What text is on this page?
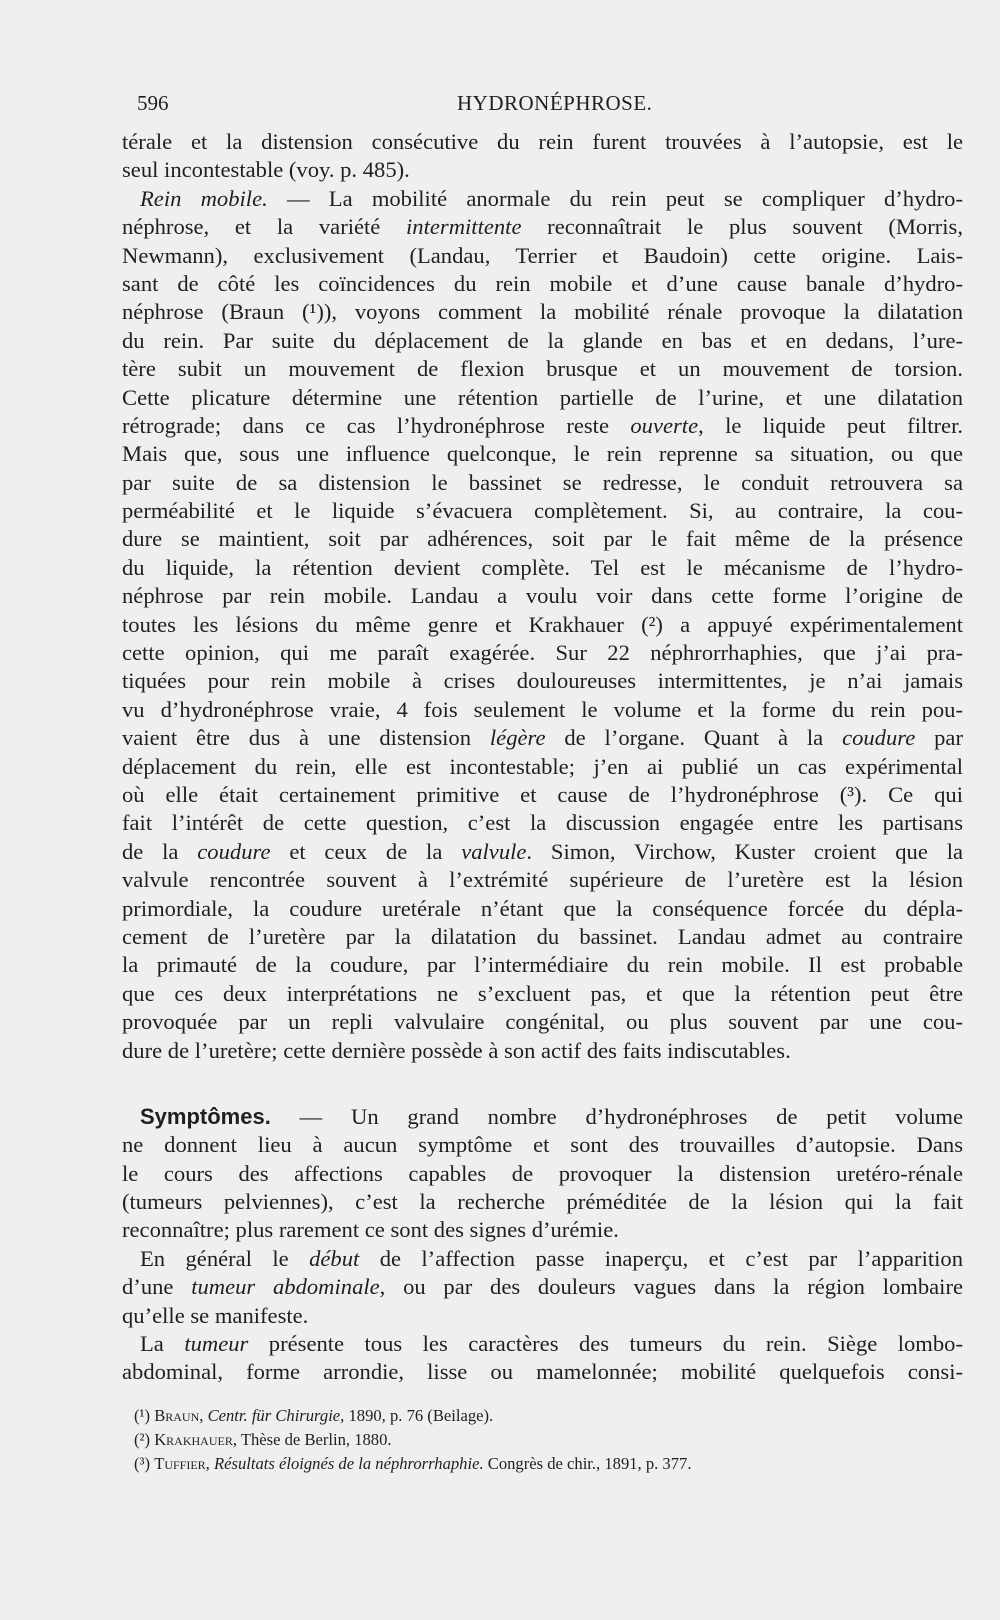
596	HYDRONÉPHROSE.
térale et la distension consécutive du rein furent trouvées à l’autopsie, est le
seul incontestable (voy. p. 485).
Rein mobile. — La mobilité anormale du rein peut se compliquer d’hydro-
néphrose, et la variété intermittente reconnaîtrait le plus souvent (Morris,
Newmann), exclusivement (Landau, Terrier et Baudoin) cette origine. Lais-
sant de côté les coïncidences du rein mobile et d’une cause banale d’hydro-
néphrose (Braun (¹)), voyons comment la mobilité rénale provoque la dilatation
du rein. Par suite du déplacement de la glande en bas et en dedans, l’ure-
tère subit un mouvement de flexion brusque et un mouvement de torsion.
Cette plicature détermine une rétention partielle de l’urine, et une dilatation
rétrograde; dans ce cas l’hydronéphrose reste ouverte, le liquide peut filtrer.
Mais que, sous une influence quelconque, le rein reprenne sa situation, ou que
par suite de sa distension le bassinet se redresse, le conduit retrouvera sa
perméabilité et le liquide s’évacuera complètement. Si, au contraire, la cou-
dure se maintient, soit par adhérences, soit par le fait même de la présence
du liquide, la rétention devient complète. Tel est le mécanisme de l’hydro-
néphrose par rein mobile. Landau a voulu voir dans cette forme l’origine de
toutes les lésions du même genre et Krakhauer (²) a appuyé expérimentalement
cette opinion, qui me paraît exagérée. Sur 22 néphrorrhaphies, que j’ai pra-
tiquées pour rein mobile à crises douloureuses intermittentes, je n’ai jamais
vu d’hydronéphrose vraie, 4 fois seulement le volume et la forme du rein pou-
vaient être dus à une distension légère de l’organe. Quant à la coudure par
déplacement du rein, elle est incontestable; j’en ai publié un cas expérimental
où elle était certainement primitive et cause de l’hydronéphrose (³). Ce qui
fait l’intérêt de cette question, c’est la discussion engagée entre les partisans
de la coudure et ceux de la valvule. Simon, Virchow, Kuster croient que la
valvule rencontrée souvent à l’extrémité supérieure de l’uretère est la lésion
primordiale, la coudure uretérale n’étant que la conséquence forcée du dépla-
cement de l’uretère par la dilatation du bassinet. Landau admet au contraire
la primauté de la coudure, par l’intermédiaire du rein mobile. Il est probable
que ces deux interprétations ne s’excluent pas, et que la rétention peut être
provoquée par un repli valvulaire congénital, ou plus souvent par une cou-
dure de l’uretère; cette dernière possède à son actif des faits indiscutables.
Symptômes. — Un grand nombre d’hydronéphroses de petit volume
ne donnent lieu à aucun symptôme et sont des trouvailles d’autopsie. Dans
le cours des affections capables de provoquer la distension uretéro-rénale
(tumeurs pelviennes), c’est la recherche préméditée de la lésion qui la fait
reconnaître; plus rarement ce sont des signes d’urémie.
En général le début de l’affection passe inaperçu, et c’est par l’apparition
d’une tumeur abdominale, ou par des douleurs vagues dans la région lombaire
qu’elle se manifeste.
La tumeur présente tous les caractères des tumeurs du rein. Siège lombo-
abdominal, forme arrondie, lisse ou mamelonnée; mobilité quelquefois consi-
(¹) Braun, Centr. für Chirurgie, 1890, p. 76 (Beilage).
(²) Krakhauer, Thèse de Berlin, 1880.
(³) Tuffier, Résultats éloignés de la néphrorrhaphie. Congrès de chir., 1891, p. 377.
